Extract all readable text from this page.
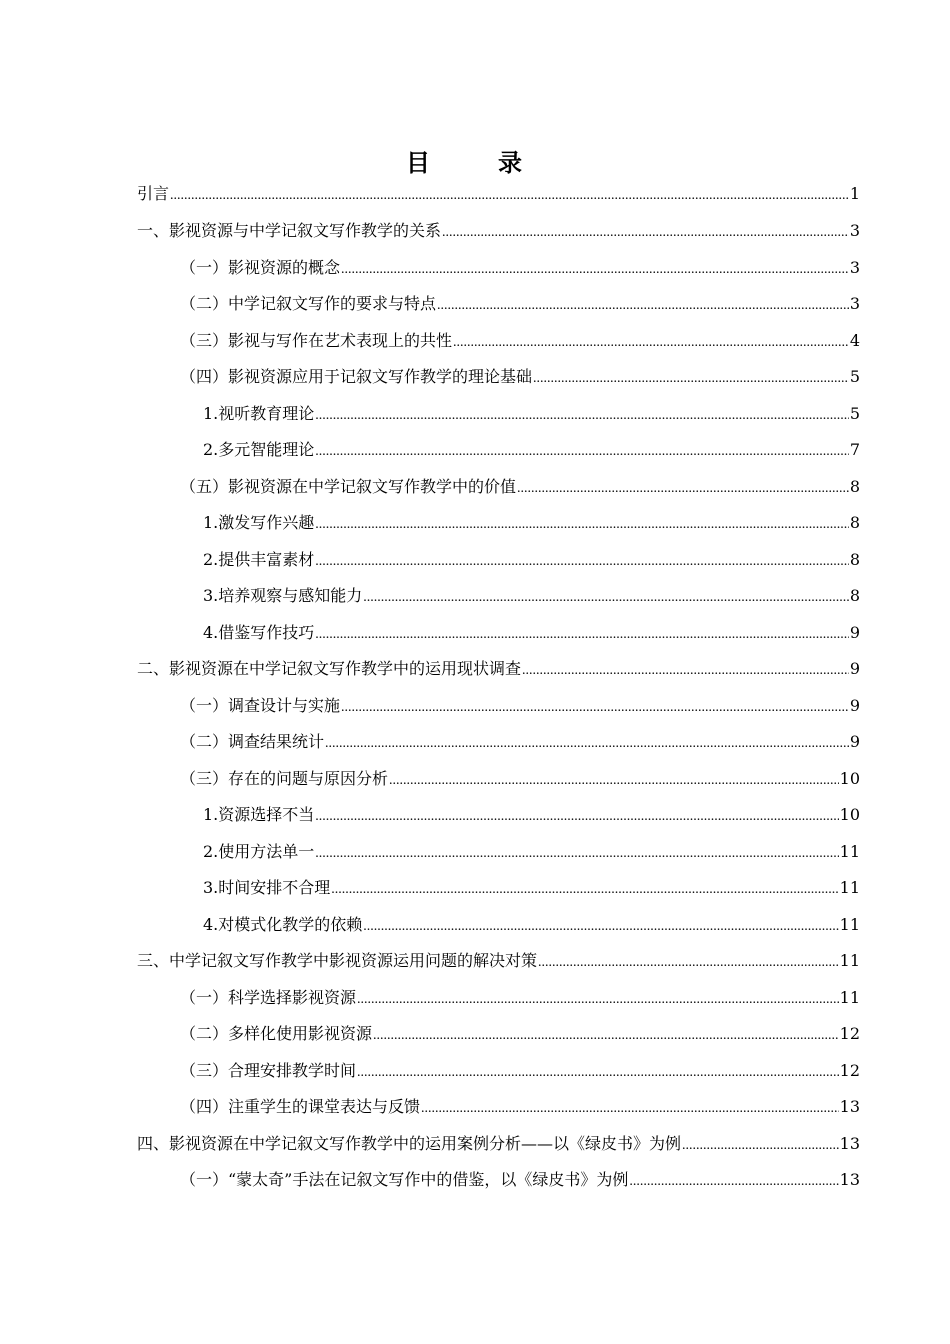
目　录
引言 .....	1
一、影视资源与中学记叙文写作教学的关系 .....	3
（一）影视资源的概念 .....	3
（二）中学记叙文写作的要求与特点 .....	3
（三）影视与写作在艺术表现上的共性 .....	4
（四）影视资源应用于记叙文写作教学的理论基础 .....	5
1.视听教育理论 .....	5
2.多元智能理论 .....	7
（五）影视资源在中学记叙文写作教学中的价值 .....	8
1.激发写作兴趣 .....	8
2.提供丰富素材 .....	8
3.培养观察与感知能力 .....	8
4.借鉴写作技巧 .....	9
二、影视资源在中学记叙文写作教学中的运用现状调查 .....	9
（一）调查设计与实施 .....	9
（二）调查结果统计 .....	9
（三）存在的问题与原因分析 .....	10
1.资源选择不当 .....	10
2.使用方法单一 .....	11
3.时间安排不合理 .....	11
4.对模式化教学的依赖 .....	11
三、中学记叙文写作教学中影视资源运用问题的解决对策 .....	11
（一）科学选择影视资源 .....	11
（二）多样化使用影视资源 .....	12
（三）合理安排教学时间 .....	12
（四）注重学生的课堂表达与反馈 .....	13
四、影视资源在中学记叙文写作教学中的运用案例分析——以《绿皮书》为例 .....	13
（一）“蒙太奇”手法在记叙文写作中的借鉴，以《绿皮书》为例 .....	13
